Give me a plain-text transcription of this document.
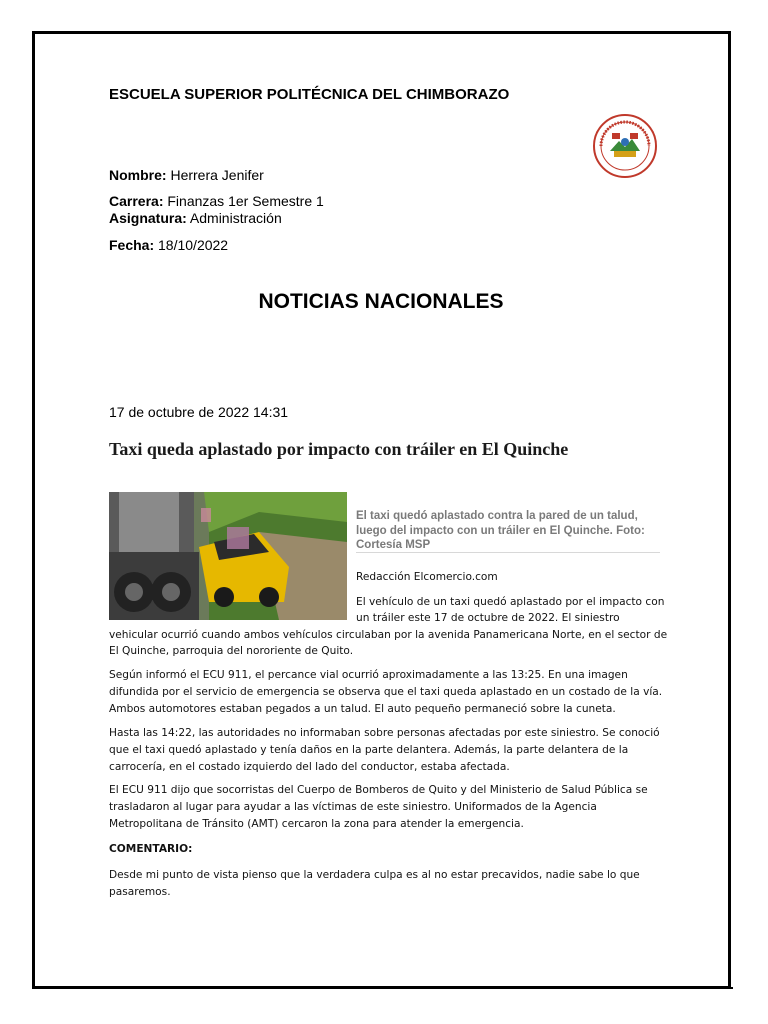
ESCUELA SUPERIOR POLITÉCNICA DEL CHIMBORAZO
Nombre: Herrera Jenifer
Carrera: Finanzas 1er Semestre 1
Asignatura: Administración
Fecha: 18/10/2022
NOTICIAS NACIONALES
17 de octubre de 2022 14:31
Taxi queda aplastado por impacto con tráiler en El Quinche
El taxi quedó aplastado contra la pared de un talud, luego del impacto con un tráiler en El Quinche. Foto: Cortesía MSP
Redacción Elcomercio.com
El vehículo de un taxi quedó aplastado por el impacto con
un tráiler este 17 de octubre de 2022. El siniestro
vehicular ocurrió cuando ambos vehículos circulaban por la avenida Panamericana Norte, en el sector de
El Quinche, parroquia del nororiente de Quito.
Según informó el ECU 911, el percance vial ocurrió aproximadamente a las 13:25. En una imagen difundida por el servicio de emergencia se observa que el taxi queda aplastado en un costado de la vía. Ambos automotores estaban pegados a un talud. El auto pequeño permaneció sobre la cuneta.
Hasta las 14:22, las autoridades no informaban sobre personas afectadas por este siniestro. Se conoció que el taxi quedó aplastado y tenía daños en la parte delantera. Además, la parte delantera de la carrocería, en el costado izquierdo del lado del conductor, estaba afectada.
El ECU 911 dijo que socorristas del Cuerpo de Bomberos de Quito y del Ministerio de Salud Pública se trasladaron al lugar para ayudar a las víctimas de este siniestro. Uniformados de la Agencia Metropolitana de Tránsito (AMT) cercaron la zona para atender la emergencia.
COMENTARIO:
Desde mi punto de vista pienso que la verdadera culpa es al no estar precavidos, nadie sabe lo que pasaremos.
